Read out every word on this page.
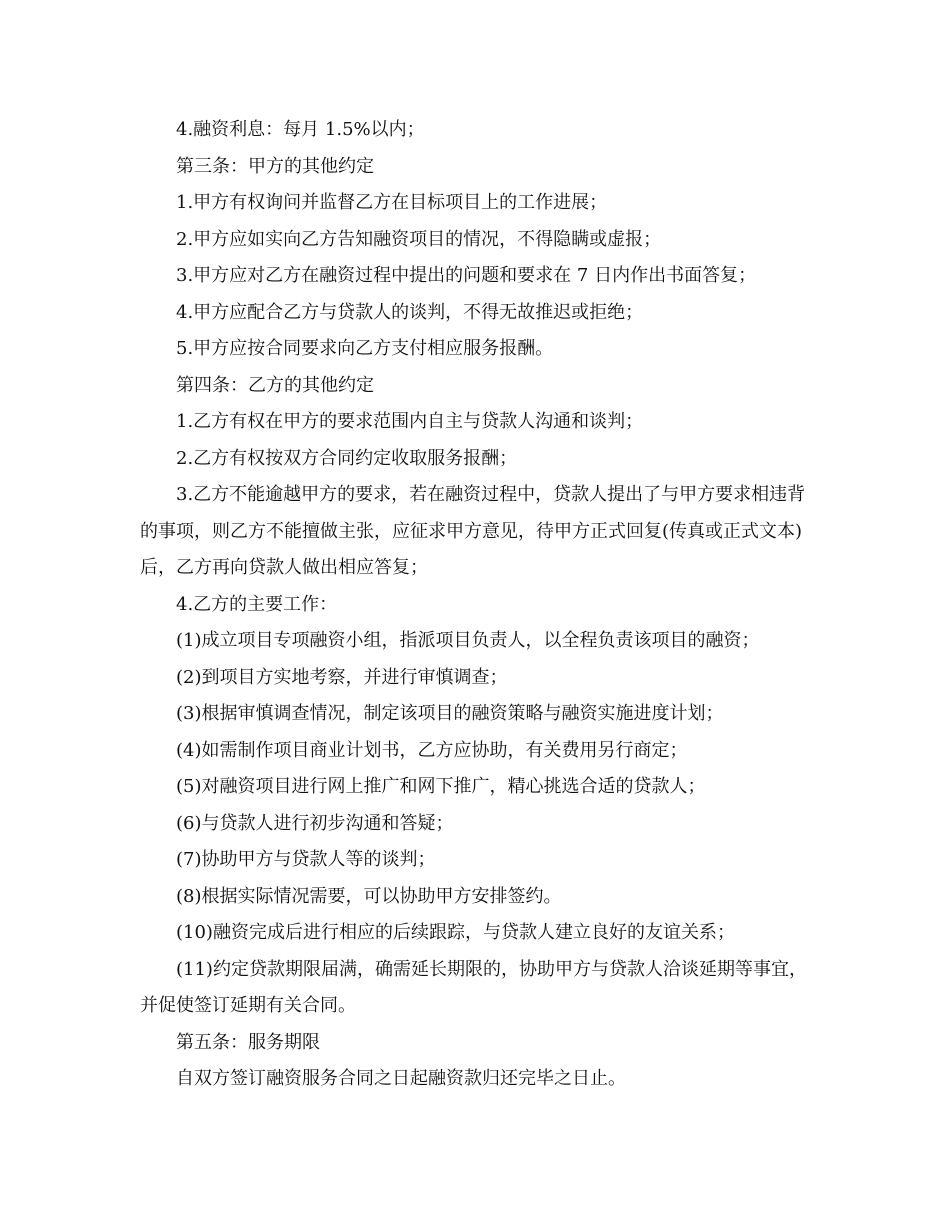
4.融资利息：每月 1.5%以内；

第三条：甲方的其他约定

1.甲方有权询问并监督乙方在目标项目上的工作进展；

2.甲方应如实向乙方告知融资项目的情况，不得隐瞒或虚报；

3.甲方应对乙方在融资过程中提出的问题和要求在 7 日内作出书面答复；

4.甲方应配合乙方与贷款人的谈判，不得无故推迟或拒绝；

5.甲方应按合同要求向乙方支付相应服务报酬。

第四条：乙方的其他约定

1.乙方有权在甲方的要求范围内自主与贷款人沟通和谈判；

2.乙方有权按双方合同约定收取服务报酬；

3.乙方不能逾越甲方的要求，若在融资过程中，贷款人提出了与甲方要求相违背的事项，则乙方不能擅做主张，应征求甲方意见，待甲方正式回复(传真或正式文本)后，乙方再向贷款人做出相应答复；

4.乙方的主要工作：

(1)成立项目专项融资小组，指派项目负责人，以全程负责该项目的融资；

(2)到项目方实地考察，并进行审慎调查；

(3)根据审慎调查情况，制定该项目的融资策略与融资实施进度计划；

(4)如需制作项目商业计划书，乙方应协助，有关费用另行商定；

(5)对融资项目进行网上推广和网下推广，精心挑选合适的贷款人；

(6)与贷款人进行初步沟通和答疑；

(7)协助甲方与贷款人等的谈判；

(8)根据实际情况需要，可以协助甲方安排签约。

(10)融资完成后进行相应的后续跟踪，与贷款人建立良好的友谊关系；

(11)约定贷款期限届满，确需延长期限的，协助甲方与贷款人洽谈延期等事宜，并促使签订延期有关合同。

第五条：服务期限

自双方签订融资服务合同之日起融资款归还完毕之日止。
